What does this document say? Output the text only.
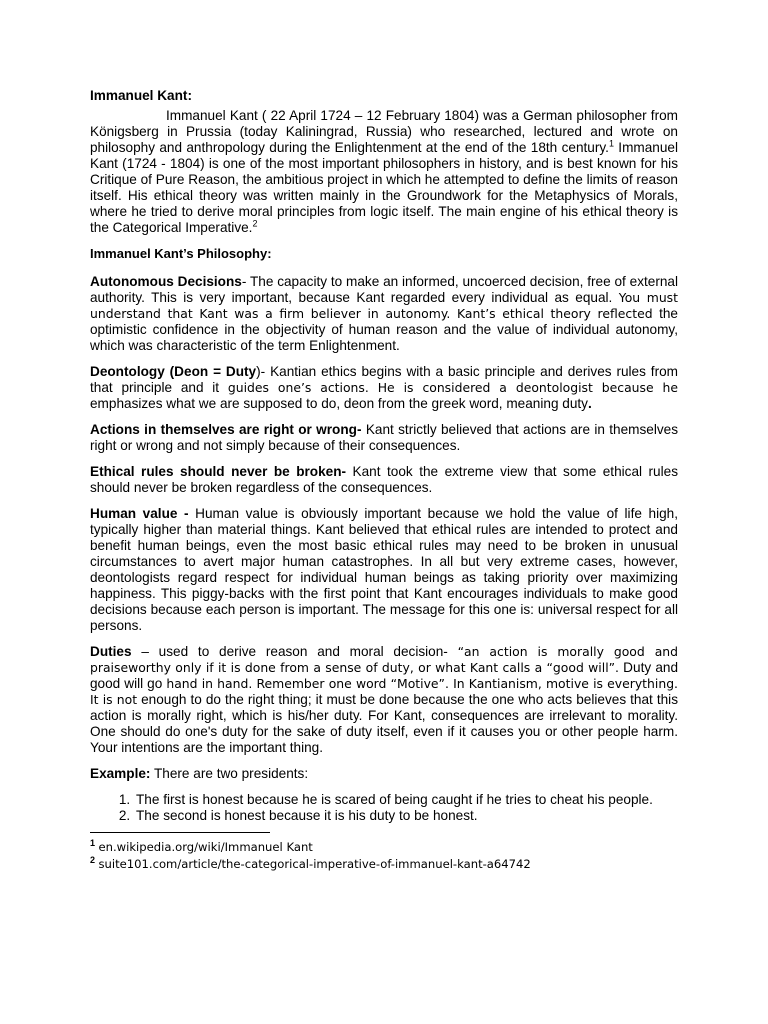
Immanuel Kant:

Immanuel Kant ( 22 April 1724 – 12 February 1804) was a German philosopher from Königsberg in Prussia (today Kaliningrad, Russia) who researched, lectured and wrote on philosophy and anthropology during the Enlightenment at the end of the 18th century.$^1$ Immanuel Kant (1724 - 1804) is one of the most important philosophers in history, and is best known for his Critique of Pure Reason, the ambitious project in which he attempted to define the limits of reason itself. His ethical theory was written mainly in the Groundwork for the Metaphysics of Morals, where he tried to derive moral principles from logic itself. The main engine of his ethical theory is the Categorical Imperative.$^2$

Immanuel Kant’s Philosophy:

Autonomous Decisions- The capacity to make an informed, uncoerced decision, free of external authority. This is very important, because Kant regarded every individual as equal. You must understand that Kant was a firm believer in autonomy. Kant’s ethical theory reflected the optimistic confidence in the objectivity of human reason and the value of individual autonomy, which was characteristic of the term Enlightenment.

Deontology (Deon = Duty)- Kantian ethics begins with a basic principle and derives rules from that principle and it guides one’s actions. He is considered a deontologist because he emphasizes what we are supposed to do, deon from the greek word, meaning duty.

Actions in themselves are right or wrong- Kant strictly believed that actions are in themselves right or wrong and not simply because of their consequences.

Ethical rules should never be broken- Kant took the extreme view that some ethical rules should never be broken regardless of the consequences.

Human value - Human value is obviously important because we hold the value of life high, typically higher than material things. Kant believed that ethical rules are intended to protect and benefit human beings, even the most basic ethical rules may need to be broken in unusual circumstances to avert major human catastrophes. In all but very extreme cases, however, deontologists regard respect for individual human beings as taking priority over maximizing happiness. This piggy-backs with the first point that Kant encourages individuals to make good decisions because each person is important. The message for this one is: universal respect for all persons.

Duties – used to derive reason and moral decision- “an action is morally good and praiseworthy only if it is done from a sense of duty, or what Kant calls a “good will”. Duty and good will go hand in hand. Remember one word “Motive”. In Kantianism, motive is everything. It is not enough to do the right thing; it must be done because the one who acts believes that this action is morally right, which is his/her duty. For Kant, consequences are irrelevant to morality. One should do one's duty for the sake of duty itself, even if it causes you or other people harm. Your intentions are the important thing.

Example: There are two presidents:

1. The first is honest because he is scared of being caught if he tries to cheat his people.
2. The second is honest because it is his duty to be honest.
$^1$ en.wikipedia.org/wiki/Immanuel Kant
$^2$ suite101.com/article/the-categorical-imperative-of-immanuel-kant-a64742
